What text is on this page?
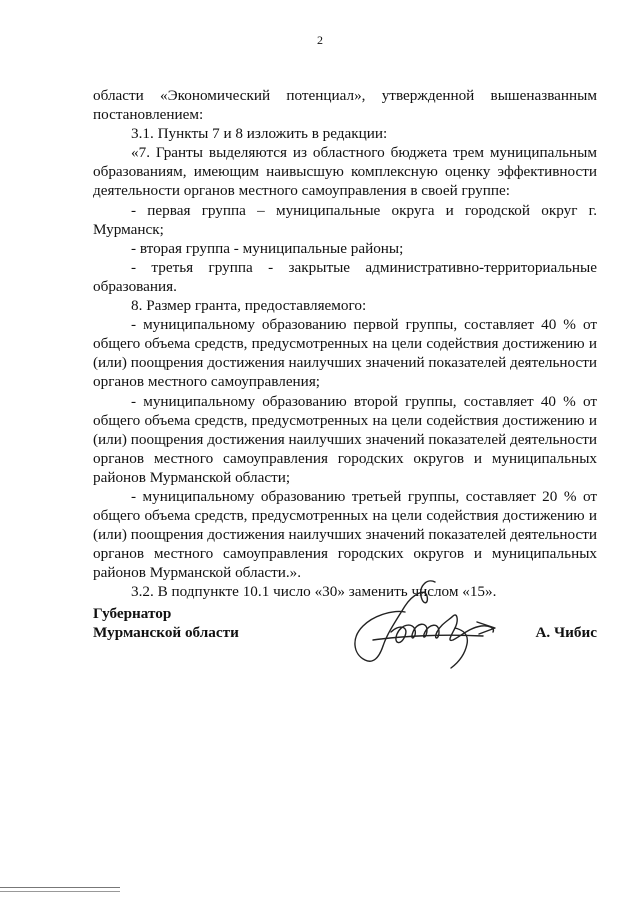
2

области «Экономический потенциал», утвержденной вышеназванным постановлением:

3.1. Пункты 7 и 8 изложить в редакции:

«7. Гранты выделяются из областного бюджета трем муниципальным образованиям, имеющим наивысшую комплексную оценку эффективности деятельности органов местного самоуправления в своей группе:

- первая группа – муниципальные округа и городской округ г. Мурманск;

- вторая группа - муниципальные районы;

- третья группа - закрытые административно-территориальные образования.

8. Размер гранта, предоставляемого:

- муниципальному образованию первой группы, составляет 40 % от общего объема средств, предусмотренных на цели содействия достижению и (или) поощрения достижения наилучших значений показателей деятельности органов местного самоуправления;

- муниципальному образованию второй группы, составляет 40 % от общего объема средств, предусмотренных на цели содействия достижению и (или) поощрения достижения наилучших значений показателей деятельности органов местного самоуправления городских округов и муниципальных районов Мурманской области;

- муниципальному образованию третьей группы, составляет 20 % от общего объема средств, предусмотренных на цели содействия достижению и (или) поощрения достижения наилучших значений показателей деятельности органов местного самоуправления городских округов и муниципальных районов Мурманской области.».

3.2. В подпункте 10.1 число «30» заменить числом «15».

Губернатор
Мурманской области	А. Чибис
